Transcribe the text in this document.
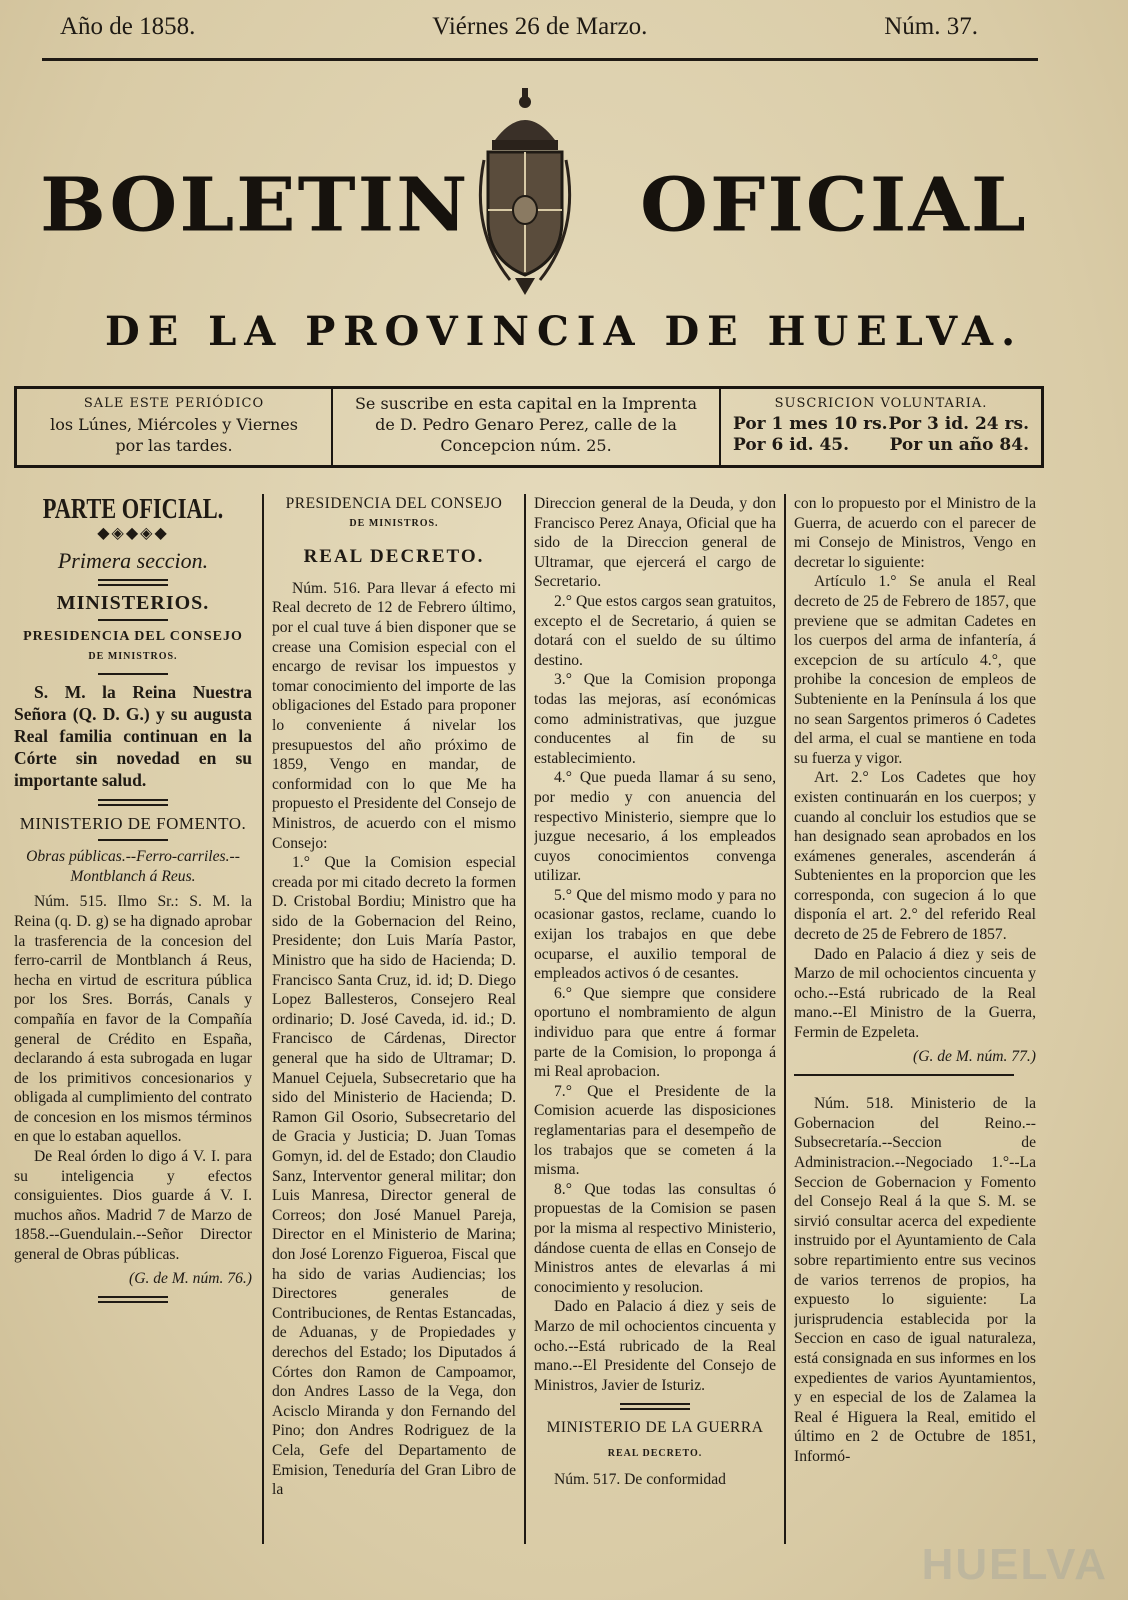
Año de 1858.	Viérnes 26 de Marzo.	Núm. 37.
BOLETIN OFICIAL
DE LA PROVINCIA DE HUELVA.
SALE ESTE PERIÓDICO
los Lúnes, Miércoles y Viernes
por las tardes.
Se suscribe en esta capital en la Imprenta
de D. Pedro Genaro Perez, calle de la
Concepcion núm. 25.
SUSCRICION VOLUNTARIA.
Por 1 mes 10 rs. Por 3 id. 24 rs.
Por 6 id. 45. Por un año 84.
PARTE OFICIAL.
◆◈◆◈◆
Primera seccion.
MINISTERIOS.
PRESIDENCIA DEL CONSEJO
DE MINISTROS.

S. M. la Reina Nuestra Señora (Q. D. G.) y su augusta Real familia continuan en la Córte sin novedad en su importante salud.

MINISTERIO DE FOMENTO.
Obras públicas.--Ferro-carriles.--Montblanch á Reus.

Núm. 515. Ilmo Sr.: S. M. la Reina (q. D. g) se ha dignado aprobar la trasferencia de la concesion del ferro-carril de Montblanch á Reus, hecha en virtud de escritura pública por los Sres. Borrás, Canals y compañía en favor de la Compañía general de Crédito en España, declarando á esta subrogada en lugar de los primitivos concesionarios y obligada al cumplimiento del contrato de concesion en los mismos términos en que lo estaban aquellos.

De Real órden lo digo á V. I. para su inteligencia y efectos consiguientes. Dios guarde á V. I. muchos años. Madrid 7 de Marzo de 1858.--Guendulain.--Señor Director general de Obras públicas.

(G. de M. núm. 76.)
PRESIDENCIA DEL CONSEJO
DE MINISTROS.
REAL DECRETO.

Núm. 516. Para llevar á efecto mi Real decreto de 12 de Febrero último, por el cual tuve á bien disponer que se crease una Comision especial con el encargo de revisar los impuestos y tomar conocimiento del importe de las obligaciones del Estado para proponer lo conveniente á nivelar los presupuestos del año próximo de 1859, Vengo en mandar, de conformidad con lo que Me ha propuesto el Presidente del Consejo de Ministros, de acuerdo con el mismo Consejo:

1.° Que la Comision especial creada por mi citado decreto la formen D. Cristobal Bordiu; Ministro que ha sido de la Gobernacion del Reino, Presidente; don Luis María Pastor, Ministro que ha sido de Hacienda; D. Francisco Santa Cruz, id. id; D. Diego Lopez Ballesteros, Consejero Real ordinario; D. José Caveda, id. id.; D. Francisco de Cárdenas, Director general que ha sido de Ultramar; D. Manuel Cejuela, Subsecretario que ha sido del Ministerio de Hacienda; D. Ramon Gil Osorio, Subsecretario del de Gracia y Justicia; D. Juan Tomas Gomyn, id. del de Estado; don Claudio Sanz, Interventor general militar; don Luis Manresa, Director general de Correos; don José Manuel Pareja, Director en el Ministerio de Marina; don José Lorenzo Figueroa, Fiscal que ha sido de varias Audiencias; los Directores generales de Contribuciones, de Rentas Estancadas, de Aduanas, y de Propiedades y derechos del Estado; los Diputados á Córtes don Ramon de Campoamor, don Andres Lasso de la Vega, don Acisclo Miranda y don Fernando del Pino; don Andres Rodriguez de la Cela, Gefe del Departamento de Emision, Teneduría del Gran Libro de la

Direccion general de la Deuda, y don Francisco Perez Anaya, Oficial que ha sido de la Direccion general de Ultramar, que ejercerá el cargo de Secretario.

2.° Que estos cargos sean gratuitos, excepto el de Secretario, á quien se dotará con el sueldo de su último destino.

3.° Que la Comision proponga todas las mejoras, así económicas como administrativas, que juzgue conducentes al fin de su establecimiento.

4.° Que pueda llamar á su seno, por medio y con anuencia del respectivo Ministerio, siempre que lo juzgue necesario, á los empleados cuyos conocimientos convenga utilizar.

5.° Que del mismo modo y para no ocasionar gastos, reclame, cuando lo exijan los trabajos en que debe ocuparse, el auxilio temporal de empleados activos ó de cesantes.

6.° Que siempre que considere oportuno el nombramiento de algun individuo para que entre á formar parte de la Comision, lo proponga á mi Real aprobacion.

7.° Que el Presidente de la Comision acuerde las disposiciones reglamentarias para el desempeño de los trabajos que se cometen á la misma.

8.° Que todas las consultas ó propuestas de la Comision se pasen por la misma al respectivo Ministerio, dándose cuenta de ellas en Consejo de Ministros antes de elevarlas á mi conocimiento y resolucion.

Dado en Palacio á diez y seis de Marzo de mil ochocientos cincuenta y ocho.--Está rubricado de la Real mano.--El Presidente del Consejo de Ministros, Javier de Isturiz.

MINISTERIO DE LA GUERRA
REAL DECRETO.

Núm. 517. De conformidad

con lo propuesto por el Ministro de la Guerra, de acuerdo con el parecer de mi Consejo de Ministros, Vengo en decretar lo siguiente:

Artículo 1.° Se anula el Real decreto de 25 de Febrero de 1857, que previene que se admitan Cadetes en los cuerpos del arma de infantería, á excepcion de su artículo 4.°, que prohibe la concesion de empleos de Subteniente en la Península á los que no sean Sargentos primeros ó Cadetes del arma, el cual se mantiene en toda su fuerza y vigor.

Art. 2.° Los Cadetes que hoy existen continuarán en los cuerpos; y cuando al concluir los estudios que se han designado sean aprobados en los exámenes generales, ascenderán á Subtenientes en la proporcion que les corresponda, con sugecion á lo que disponía el art. 2.° del referido Real decreto de 25 de Febrero de 1857.

Dado en Palacio á diez y seis de Marzo de mil ochocientos cincuenta y ocho.--Está rubricado de la Real mano.--El Ministro de la Guerra, Fermin de Ezpeleta.

(G. de M. núm. 77.)

Núm. 518. Ministerio de la Gobernacion del Reino.--Subsecretaría.--Seccion de Administracion.--Negociado 1.°--La Seccion de Gobernacion y Fomento del Consejo Real á la que S. M. se sirvió consultar acerca del expediente instruido por el Ayuntamiento de Cala sobre repartimiento entre sus vecinos de varios terrenos de propios, ha expuesto lo siguiente: La jurisprudencia establecida por la Seccion en caso de igual naturaleza, está consignada en sus informes en los expedientes de varios Ayuntamientos, y en especial de los de Zalamea la Real é Higuera la Real, emitido el último en 2 de Octubre de 1851, Informó-

HUELVA
